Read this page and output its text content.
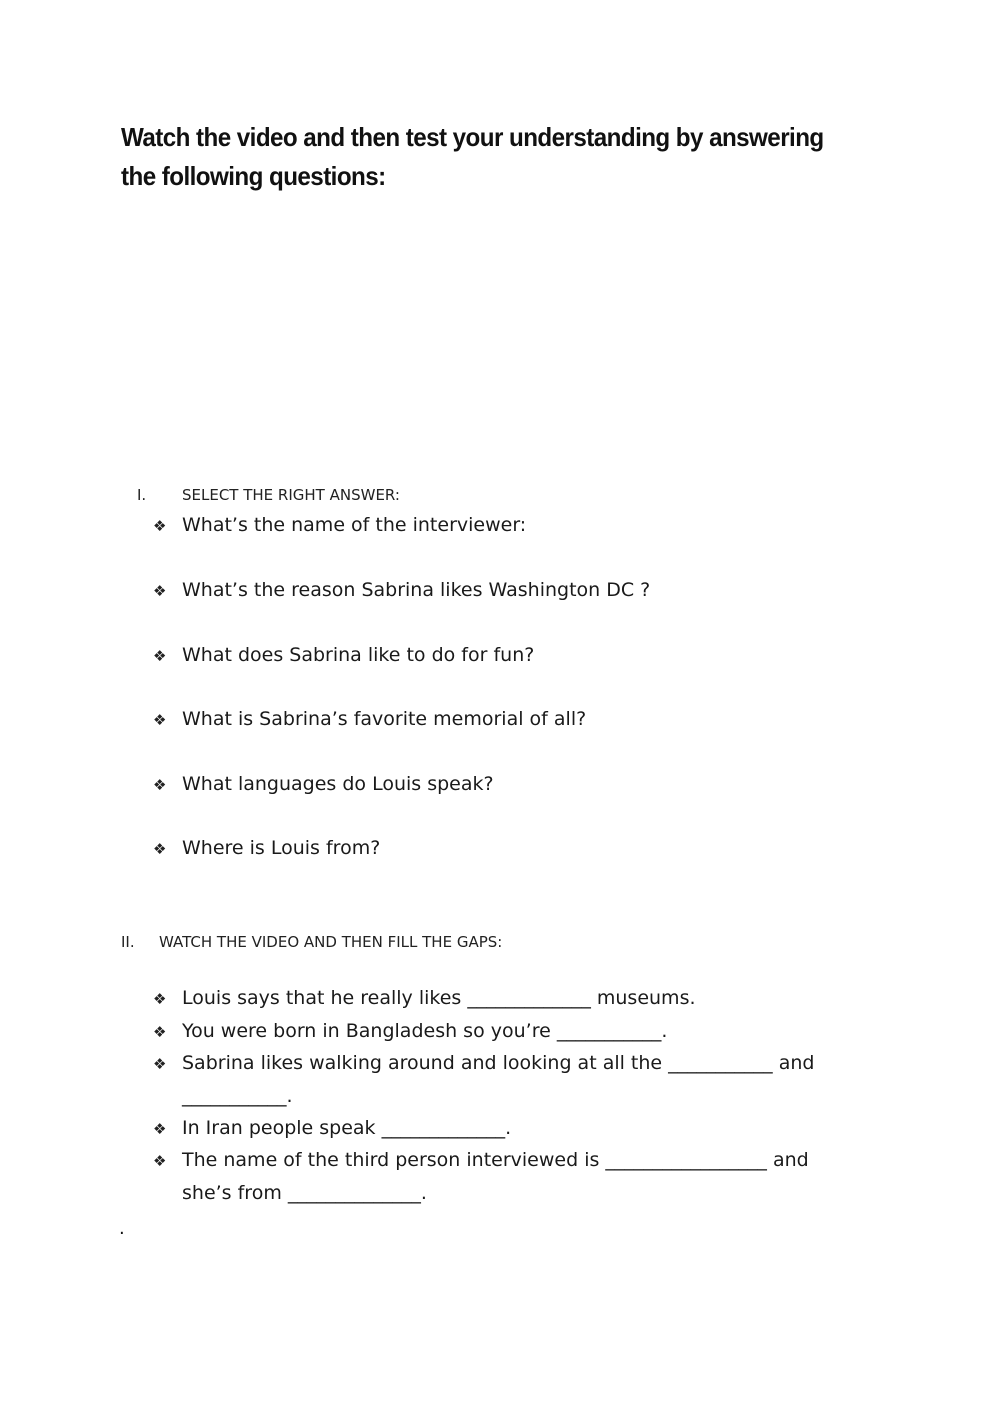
Watch the video and then test your understanding by answering the following questions:
I. SELECT THE RIGHT ANSWER:
❖ What’s the name of the interviewer:
❖ What’s the reason Sabrina likes Washington DC ?
❖ What does Sabrina like to do for fun?
❖ What is Sabrina’s favorite memorial of all?
❖ What languages do Louis speak?
❖ Where is Louis from?
II. WATCH THE VIDEO AND THEN FILL THE GAPS:
❖ Louis says that he really likes _____________ museums.
❖ You were born in Bangladesh so you’re ___________.
❖ Sabrina likes walking around and looking at all the ___________ and
___________.
❖ In Iran people speak _____________.
❖ The name of the third person interviewed is _________________ and
she’s from ______________.
.
